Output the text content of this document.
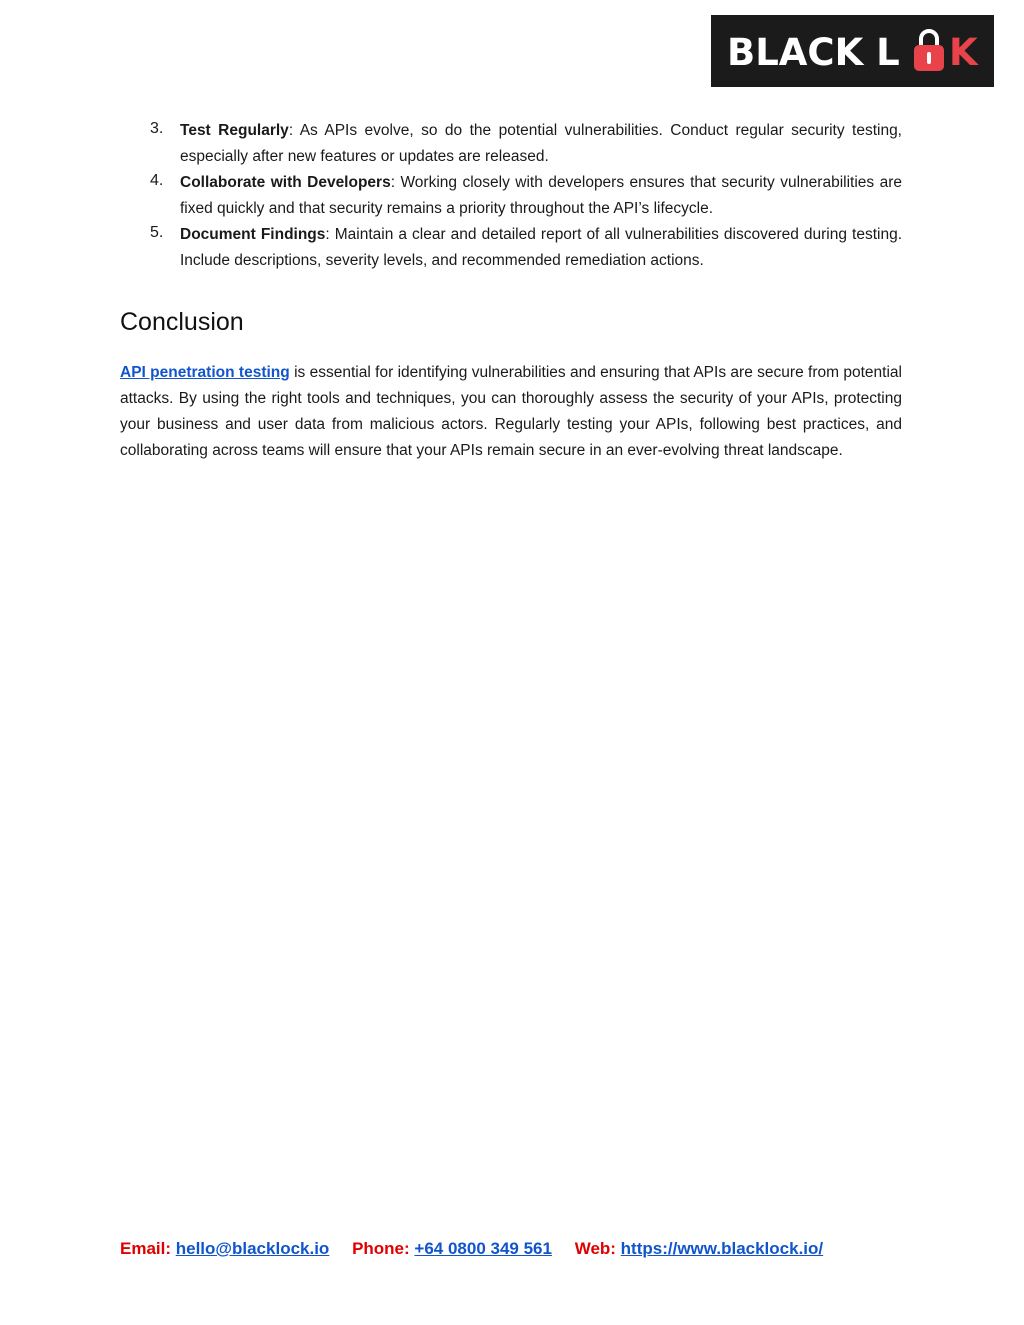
BLACK L K
3. Test Regularly: As APIs evolve, so do the potential vulnerabilities. Conduct regular security testing, especially after new features or updates are released.
4. Collaborate with Developers: Working closely with developers ensures that security vulnerabilities are fixed quickly and that security remains a priority throughout the API’s lifecycle.
5. Document Findings: Maintain a clear and detailed report of all vulnerabilities discovered during testing. Include descriptions, severity levels, and recommended remediation actions.
Conclusion

API penetration testing is essential for identifying vulnerabilities and ensuring that APIs are secure from potential attacks. By using the right tools and techniques, you can thoroughly assess the security of your APIs, protecting your business and user data from malicious actors. Regularly testing your APIs, following best practices, and collaborating across teams will ensure that your APIs remain secure in an ever-evolving threat landscape.

Email: hello@blacklock.io Phone: +64 0800 349 561 Web: https://www.blacklock.io/
